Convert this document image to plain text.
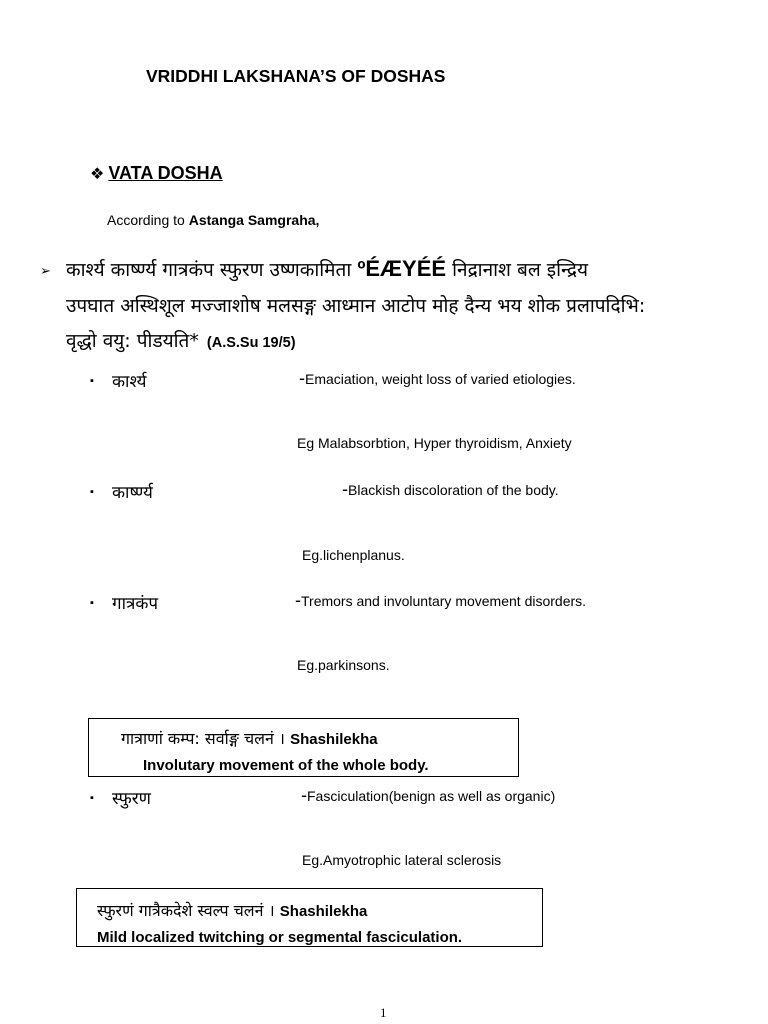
VRIDDHI LAKSHANA’S OF DOSHAS
❖ VATA DOSHA
According to Astanga Samgraha,
➢ कार्श्य कार्ष्ण्य गात्रकंप स्फुरण उष्णकामिता ºÉÆYÉÉ निद्रानाश बल इन्द्रिय
उपघात अस्थिशूल मज्जाशोष मलसङ्ग आध्मान आटोप मोह दैन्य भय शोक प्रलापदिभि:
वृद्धो वयु: पीडयति* (A.S.Su 19/5)
▪ कार्श्य	-Emaciation, weight loss of varied etiologies.
Eg Malabsorbtion, Hyper thyroidism, Anxiety
▪ कार्ष्ण्य	-Blackish discoloration of the body.
Eg.lichenplanus.
▪ गात्रकंप	-Tremors and involuntary movement disorders.
Eg.parkinsons.
गात्राणां कम्प: सर्वाङ्ग चलनं । Shashilekha
Involutary movement of the whole body.
▪ स्फुरण	-Fasciculation(benign as well as organic)
Eg.Amyotrophic lateral sclerosis
स्फुरणं गात्रैकदेशे स्वल्प चलनं । Shashilekha
Mild localized twitching or segmental fasciculation.
1
